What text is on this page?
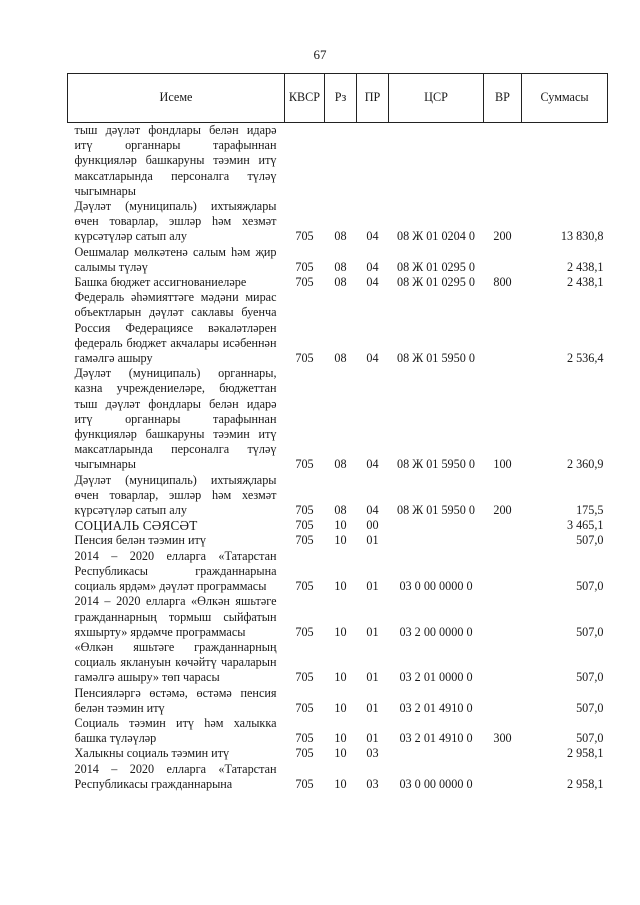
67
Исеме	КВСР	Рз	ПР	ЦСР	ВР	Суммасы
тыш дәүләт фондлары белән идарә итү органнары тарафыннан функцияләр башкаруны тәэмин итү максатларында персоналга түләү чыгымнары						
Дәүләт (муниципаль) ихтыяҗлары өчен товарлар, эшләр һәм хезмәт күрсәтүләр сатып алу	705	08	04	08 Ж 01 0204 0	200	13 830,8
Оешмалар мөлкәтенә салым һәм җир салымы түләү	705	08	04	08 Ж 01 0295 0		2 438,1
Башка бюджет ассигнованиеләре	705	08	04	08 Ж 01 0295 0	800	2 438,1
Федераль әһәмияттәге мәдәни мирас объектларын дәүләт саклавы буенча Россия Федерациясе вәкаләтләрен федераль бюджет акчалары исәбеннән гамәлгә ашыру	705	08	04	08 Ж 01 5950 0		2 536,4
Дәүләт (муниципаль) органнары, казна учреждениеләре, бюджеттан тыш дәүләт фондлары белән идарә итү органнары тарафыннан функцияләр башкаруны тәэмин итү максатларында персоналга түләү чыгымнары	705	08	04	08 Ж 01 5950 0	100	2 360,9
Дәүләт (муниципаль) ихтыяҗлары өчен товарлар, эшләр һәм хезмәт күрсәтүләр сатып алу	705	08	04	08 Ж 01 5950 0	200	175,5
СОЦИАЛЬ СӘЯСӘТ	705	10	00			3 465,1
Пенсия белән тәэмин итү	705	10	01			507,0
2014 – 2020 елларга «Татарстан Республикасы гражданнарына социаль ярдәм» дәүләт программасы	705	10	01	03 0 00 0000 0		507,0
2014 – 2020 елларга «Өлкән яшьтәге гражданнарның тормыш сыйфатын яхшырту» ярдәмче программасы	705	10	01	03 2 00 0000 0		507,0
«Өлкән яшьтәге гражданнарның социаль яклануын көчәйтү чараларын гамәлгә ашыру» төп чарасы	705	10	01	03 2 01 0000 0		507,0
Пенсияләргә өстәмә, өстәмә пенсия белән тәэмин итү	705	10	01	03 2 01 4910 0		507,0
Социаль тәэмин итү һәм халыкка башка түләүләр	705	10	01	03 2 01 4910 0	300	507,0
Халыкны социаль тәэмин итү	705	10	03			2 958,1
2014 – 2020 елларга «Татарстан Республикасы гражданнарына	705	10	03	03 0 00 0000 0		2 958,1
